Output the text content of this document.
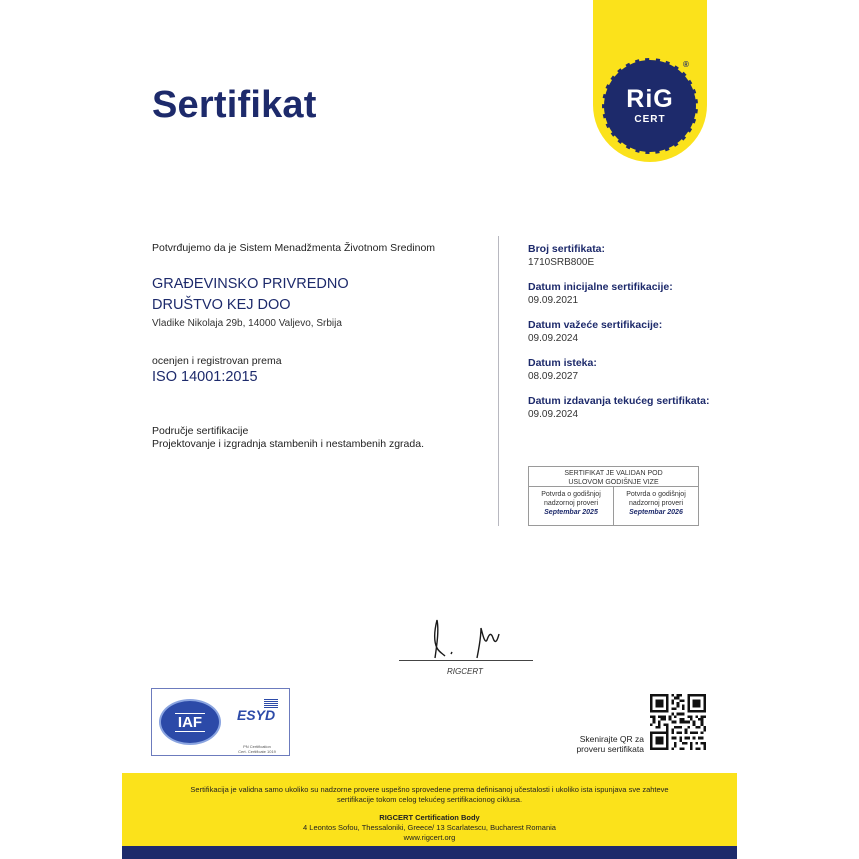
Sertifikat	RiG
CERT
®
Potvrđujemo da je Sistem Menadžmenta Životnom Sredinom
GRAĐEVINSKO PRIVREDNO
DRUŠTVO KEJ DOO
Vladike Nikolaja 29b, 14000 Valjevo, Srbija
ocenjen i registrovan prema
ISO 14001:2015
Područje sertifikacije
Projektovanje i izgradnja stambenih i nestambenih zgrada.
Broj sertifikata:
1710SRB800E
Datum inicijalne sertifikacije:
09.09.2021
Datum važeće sertifikacije:
09.09.2024
Datum isteka:
08.09.2027
Datum izdavanja tekućeg sertifikata:
09.09.2024
SERTIFIKAT JE VALIDAN POD
USLOVOM GODIŠNJE VIZE
Potvrda o godišnjoj
nadzornoj proveri
Septembar 2025
Potvrda o godišnjoj
nadzornoj proveri
Septembar 2026
RIGCERT
IAF	ESYD
PN Certification
Cert. Certificate 1019
Skenirajte QR za
proveru sertifikata
Sertifikacija je validna samo ukoliko su nadzorne provere uspešno sprovedene prema definisanoj učestalosti i ukoliko ista ispunjava sve zahteve
sertifikacije tokom celog tekućeg sertifikacionog ciklusa.
RIGCERT Certification Body
4 Leontos Sofou, Thessaloniki, Greece/ 13 Scarlatescu, Bucharest Romania
www.rigcert.org
